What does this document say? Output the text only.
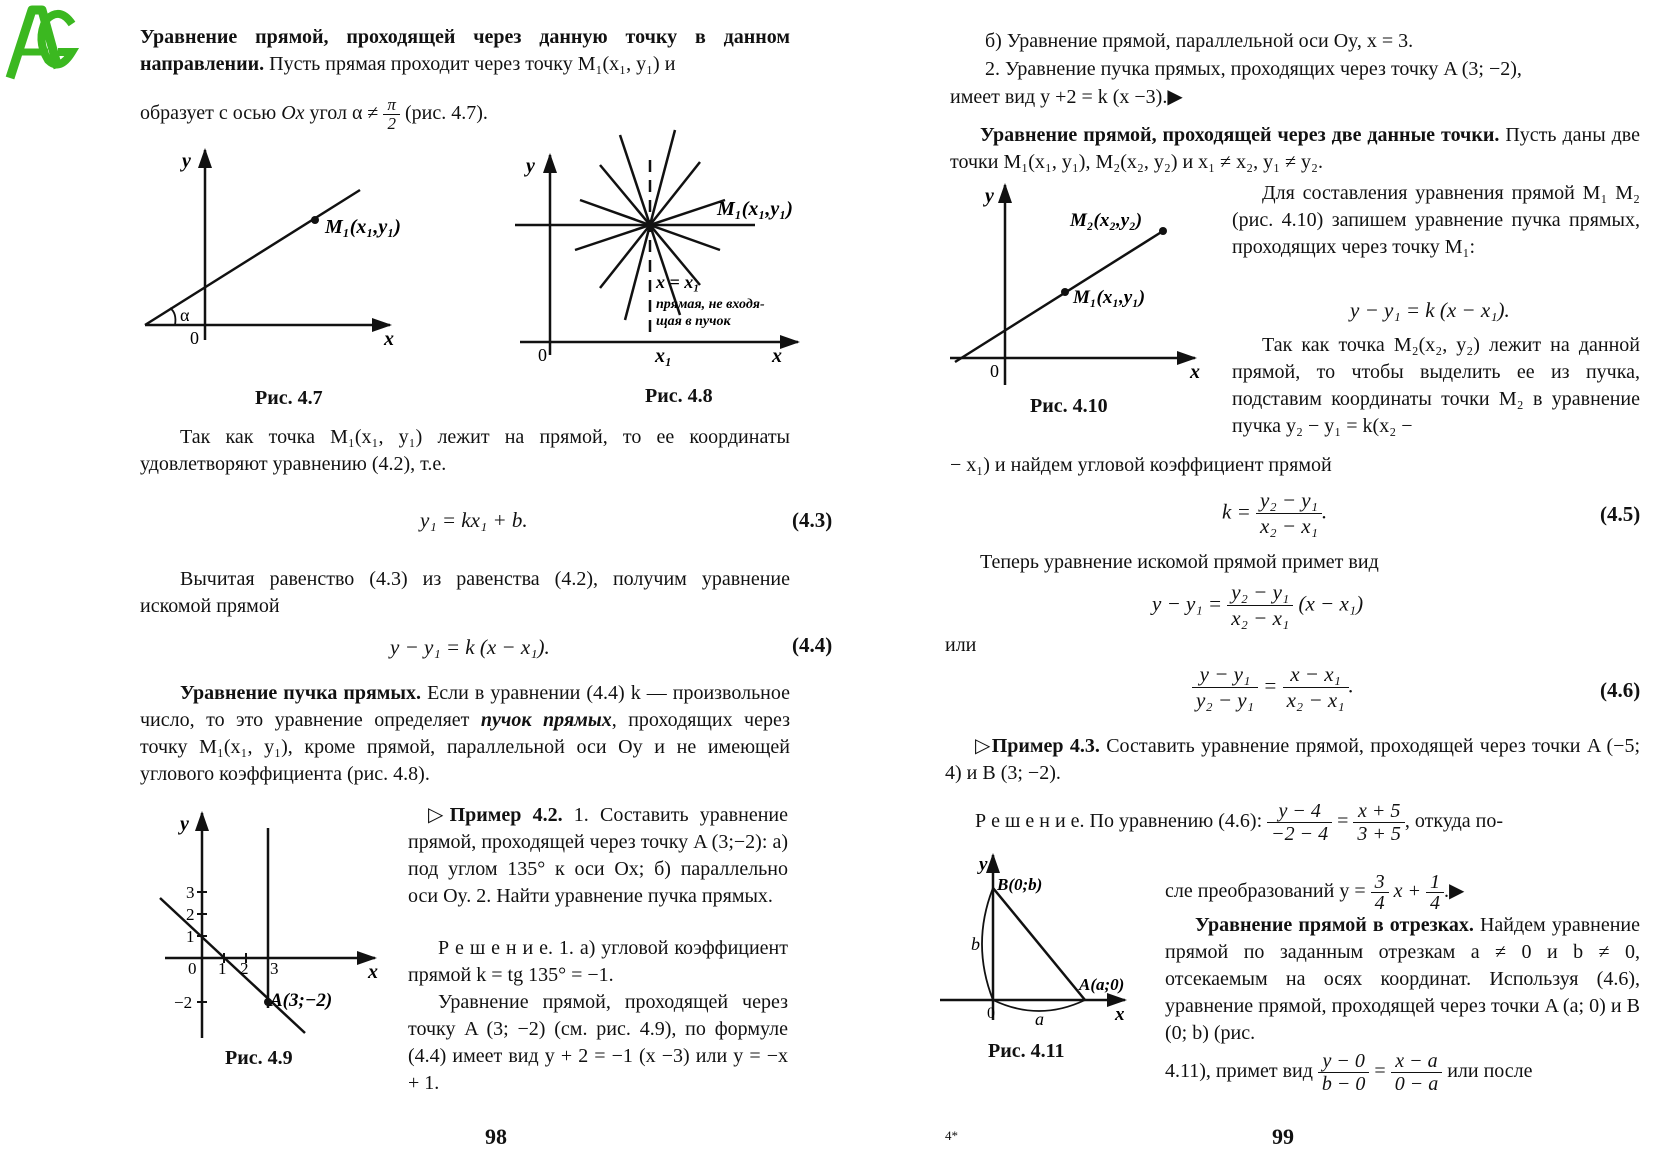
Уравнение прямой, проходящей через данную точку в данном направлении. Пусть прямая проходит через точку M₁(x₁, y₁) и
образует с осью Ox угол $\alpha \ne \frac{\pi}{2} (рис$. 4.7).
y
x
0
α
M₁(x₁,y₁)
Рис. 4.7
y
x
0	x₁
M₁(x₁,y₁)
x = x₁
прямая, не входя-
щая в пучок
Рис. 4.8
Так как точка M₁(x₁, y₁) лежит на прямой, то ее координаты удовлетворяют уравнению (4.2), т.е.
y₁ = kx₁ + b.	(4.3)
Вычитая равенство (4.3) из равенства (4.2), получим уравнение искомой прямой
y − y₁ = k (x − x₁).	(4.4)
Уравнение пучка прямых. Если в уравнении (4.4) k — произвольное число, то это уравнение определяет пучок прямых, проходящих через точку M₁(x₁, y₁), кроме прямой, параллельной оси Oy и не имеющей углового коэффициента (рис. 4.8).
y
x
0 1 2 3
1
2
3
−2	A(3;−2)
Рис. 4.9
▷Пример 4.2. 1. Составить уравнение прямой, проходящей через точку A (3;−2): а) под углом 135° к оси Ox; б) параллельно оси Oy. 2. Найти уравнение пучка прямых.
Р е ш е н и е. 1. а) угловой коэффициент прямой k = tg 135° = −1.
Уравнение прямой, проходящей через точку A (3; −2) (см. рис. 4.9), по формуле (4.4) имеет вид y + 2 = −1 (x −3) или y = −x + 1.
98
б) Уравнение прямой, параллельной оси Oy, x = 3.
2. Уравнение пучка прямых, проходящих через точку A (3; −2),
имеет вид y +2 = k (x −3).▶
Уравнение прямой, проходящей через две данные точки. Пусть даны две точки M₁(x₁, y₁), M₂(x₂, y₂) и x₁ ≠ x₂, y₁ ≠ y₂.
y
x
0
M₂(x₂,y₂)
M₁(x₁,y₁)
Рис. 4.10
Для составления уравнения прямой M₁ M₂ (рис. 4.10) запишем уравнение пучка прямых, проходящих через точку M₁:
y − y₁ = k (x − x₁).
Так как точка M₂(x₂, y₂) лежит на данной прямой, то чтобы выделить ее из пучка, подставим координаты точки M₂ в уравнение пучка y₂ − y₁ = k(x₂ −
− x₁) и найдем угловой коэффициент прямой
$k = \frac{\text{y₂ − y₁}}{\text{x₂ − x₁}}$ .	(4.5)
Теперь уравнение искомой прямой примет вид
$y - y_1 = \frac{\text{y₂ − y₁}}{\text{x₂ − x₁}} (x - x_1)$
или
$\frac{\text{y − y₁}}{\text{y₂ − y₁}} = \frac{\text{x − x₁}}{\text{x₂ − x₁}}$ .	(4.6)
▷Пример 4.3. Составить уравнение прямой, проходящей через точки A (−5; 4) и B (3; −2).
Р е ш е н и е. По уравнению (4.6): $\frac{y - 4}{-2 - 4} = \frac{x + 5}{3 + 5}$ , откуда по-
y
x
0
b
a
B(0;b)
A(a;0)
Рис. 4.11
сле преобразований $y = \frac{3}{4}$ $x + \frac{1}{4}$ .▶
Уравнение прямой в отрезках. Найдем уравнение прямой по заданным отрезкам a ≠ 0 и b ≠ 0, отсекаемым на осях координат. Используя (4.6), уравнение прямой, проходящей через точки A (a; 0) и B (0; b) (рис.
4.11), примет вид $\frac{y - 0}{b - 0} = \frac{x - a}{0 - a}$ или после
4*	99
